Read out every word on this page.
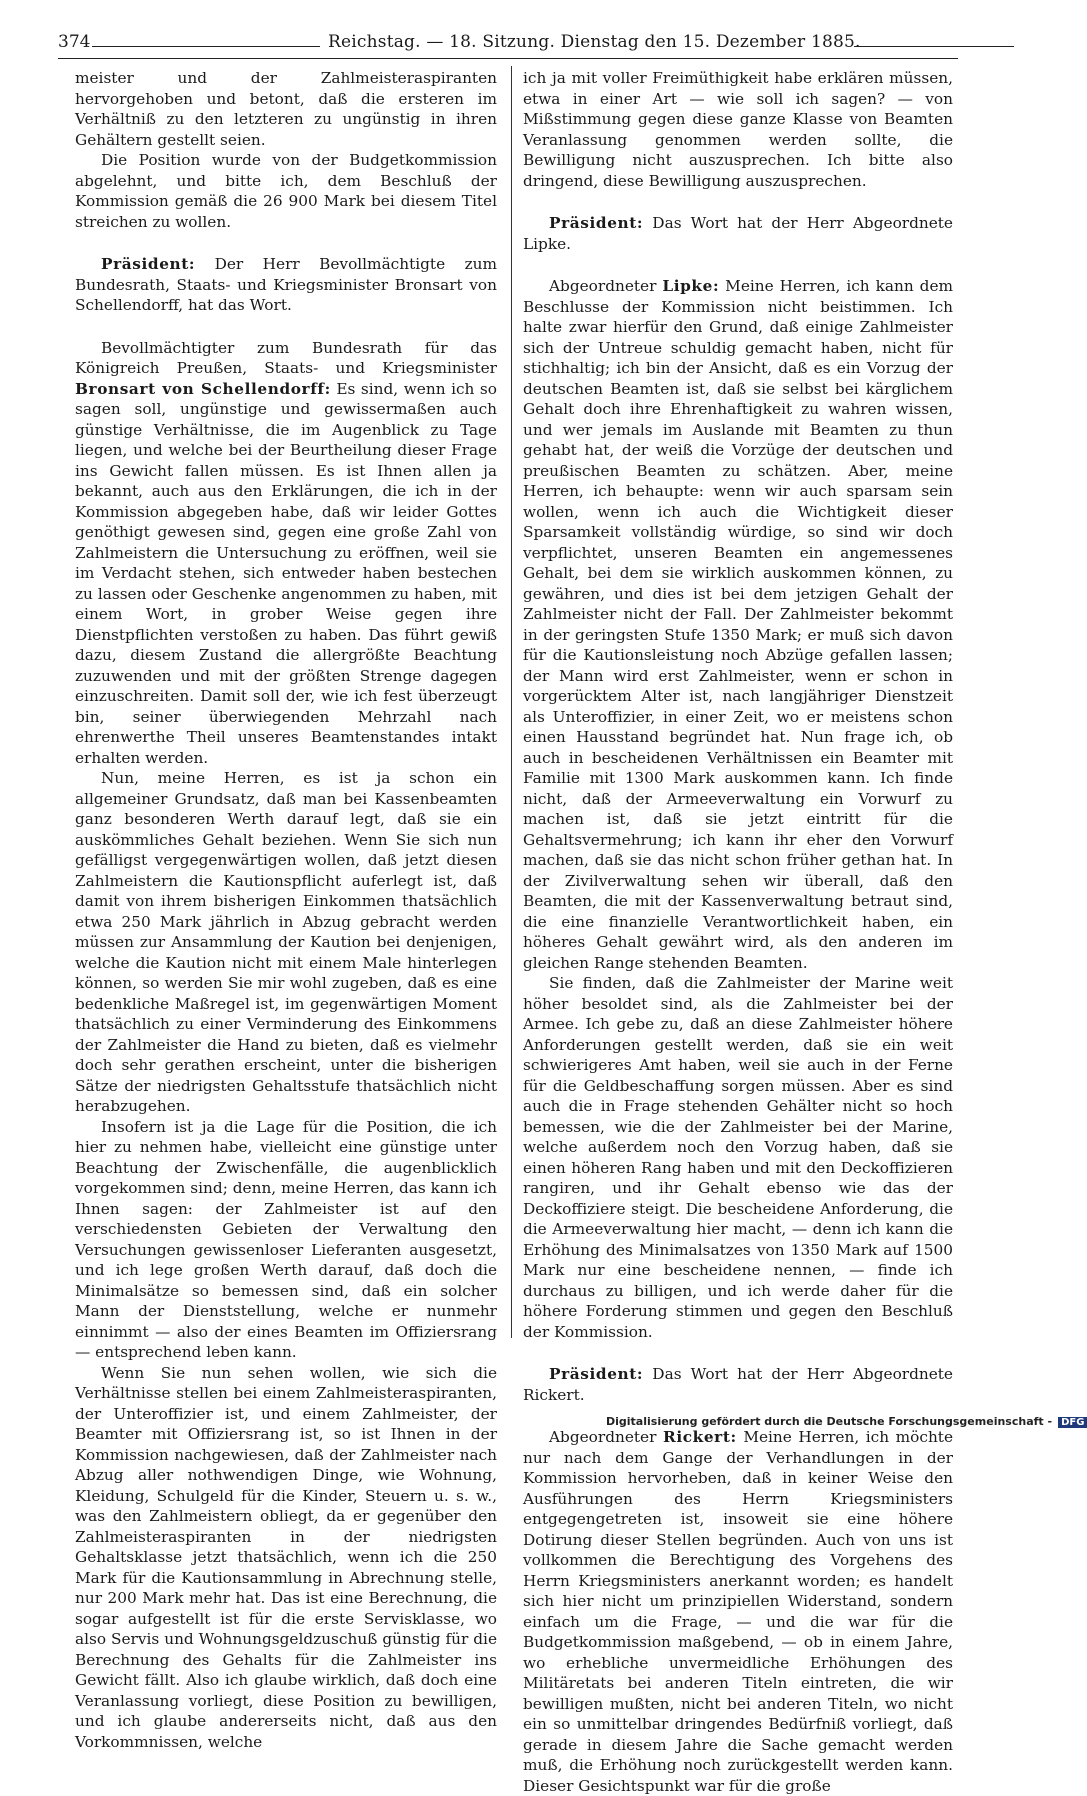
374	Reichstag. — 18. Sitzung. Dienstag den 15. Dezember 1885.

meister und der Zahlmeisteraspiranten hervorgehoben und betont, daß die ersteren im Verhältniß zu den letzteren zu ungünstig in ihren Gehältern gestellt seien.

Die Position wurde von der Budgetkommission abgelehnt, und bitte ich, dem Beschluß der Kommission gemäß die 26 900 Mark bei diesem Titel streichen zu wollen.

Präsident: Der Herr Bevollmächtigte zum Bundesrath, Staats- und Kriegsminister Bronsart von Schellendorff, hat das Wort.

Bevollmächtigter zum Bundesrath für das Königreich Preußen, Staats- und Kriegsminister Bronsart von Schellendorff: Es sind, wenn ich so sagen soll, ungünstige und gewissermaßen auch günstige Verhältnisse, die im Augenblick zu Tage liegen, und welche bei der Beurtheilung dieser Frage ins Gewicht fallen müssen. Es ist Ihnen allen ja bekannt, auch aus den Erklärungen, die ich in der Kommission abgegeben habe, daß wir leider Gottes genöthigt gewesen sind, gegen eine große Zahl von Zahlmeistern die Untersuchung zu eröffnen, weil sie im Verdacht stehen, sich entweder haben bestechen zu lassen oder Geschenke angenommen zu haben, mit einem Wort, in grober Weise gegen ihre Dienstpflichten verstoßen zu haben. Das führt gewiß dazu, diesem Zustand die allergrößte Beachtung zuzuwenden und mit der größten Strenge dagegen einzuschreiten. Damit soll der, wie ich fest überzeugt bin, seiner überwiegenden Mehrzahl nach ehrenwerthe Theil unseres Beamtenstandes intakt erhalten werden.

Nun, meine Herren, es ist ja schon ein allgemeiner Grundsatz, daß man bei Kassenbeamten ganz besonderen Werth darauf legt, daß sie ein auskömmliches Gehalt beziehen. Wenn Sie sich nun gefälligst vergegenwärtigen wollen, daß jetzt diesen Zahlmeistern die Kautionspflicht auferlegt ist, daß damit von ihrem bisherigen Einkommen thatsächlich etwa 250 Mark jährlich in Abzug gebracht werden müssen zur Ansammlung der Kaution bei denjenigen, welche die Kaution nicht mit einem Male hinterlegen können, so werden Sie mir wohl zugeben, daß es eine bedenkliche Maßregel ist, im gegenwärtigen Moment thatsächlich zu einer Verminderung des Einkommens der Zahlmeister die Hand zu bieten, daß es vielmehr doch sehr gerathen erscheint, unter die bisherigen Sätze der niedrigsten Gehaltsstufe thatsächlich nicht herabzugehen.

Insofern ist ja die Lage für die Position, die ich hier zu nehmen habe, vielleicht eine günstige unter Beachtung der Zwischenfälle, die augenblicklich vorgekommen sind; denn, meine Herren, das kann ich Ihnen sagen: der Zahlmeister ist auf den verschiedensten Gebieten der Verwaltung den Versuchungen gewissenloser Lieferanten ausgesetzt, und ich lege großen Werth darauf, daß doch die Minimalsätze so bemessen sind, daß ein solcher Mann der Dienststellung, welche er nunmehr einnimmt — also der eines Beamten im Offiziersrang — entsprechend leben kann.

Wenn Sie nun sehen wollen, wie sich die Verhältnisse stellen bei einem Zahlmeisteraspiranten, der Unteroffizier ist, und einem Zahlmeister, der Beamter mit Offiziersrang ist, so ist Ihnen in der Kommission nachgewiesen, daß der Zahlmeister nach Abzug aller nothwendigen Dinge, wie Wohnung, Kleidung, Schulgeld für die Kinder, Steuern u. s. w., was den Zahlmeistern obliegt, da er gegenüber den Zahlmeisteraspiranten in der niedrigsten Gehaltsklasse jetzt thatsächlich, wenn ich die 250 Mark für die Kautionsammlung in Abrechnung stelle, nur 200 Mark mehr hat. Das ist eine Berechnung, die sogar aufgestellt ist für die erste Servisklasse, wo also Servis und Wohnungsgeldzuschuß günstig für die Berechnung des Gehalts für die Zahlmeister ins Gewicht fällt. Also ich glaube wirklich, daß doch eine Veranlassung vorliegt, diese Position zu bewilligen, und ich glaube andererseits nicht, daß aus den Vorkommnissen, welche

ich ja mit voller Freimüthigkeit habe erklären müssen, etwa in einer Art — wie soll ich sagen? — von Mißstimmung gegen diese ganze Klasse von Beamten Veranlassung genommen werden sollte, die Bewilligung nicht auszusprechen. Ich bitte also dringend, diese Bewilligung auszusprechen.

Präsident: Das Wort hat der Herr Abgeordnete Lipke.

Abgeordneter Lipke: Meine Herren, ich kann dem Beschlusse der Kommission nicht beistimmen. Ich halte zwar hierfür den Grund, daß einige Zahlmeister sich der Untreue schuldig gemacht haben, nicht für stichhaltig; ich bin der Ansicht, daß es ein Vorzug der deutschen Beamten ist, daß sie selbst bei kärglichem Gehalt doch ihre Ehrenhaftigkeit zu wahren wissen, und wer jemals im Auslande mit Beamten zu thun gehabt hat, der weiß die Vorzüge der deutschen und preußischen Beamten zu schätzen. Aber, meine Herren, ich behaupte: wenn wir auch sparsam sein wollen, wenn ich auch die Wichtigkeit dieser Sparsamkeit vollständig würdige, so sind wir doch verpflichtet, unseren Beamten ein angemessenes Gehalt, bei dem sie wirklich auskommen können, zu gewähren, und dies ist bei dem jetzigen Gehalt der Zahlmeister nicht der Fall. Der Zahlmeister bekommt in der geringsten Stufe 1350 Mark; er muß sich davon für die Kautionsleistung noch Abzüge gefallen lassen; der Mann wird erst Zahlmeister, wenn er schon in vorgerücktem Alter ist, nach langjähriger Dienstzeit als Unteroffizier, in einer Zeit, wo er meistens schon einen Hausstand begründet hat. Nun frage ich, ob auch in bescheidenen Verhältnissen ein Beamter mit Familie mit 1300 Mark auskommen kann. Ich finde nicht, daß der Armeeverwaltung ein Vorwurf zu machen ist, daß sie jetzt eintritt für die Gehaltsvermehrung; ich kann ihr eher den Vorwurf machen, daß sie das nicht schon früher gethan hat. In der Zivilverwaltung sehen wir überall, daß den Beamten, die mit der Kassenverwaltung betraut sind, die eine finanzielle Verantwortlichkeit haben, ein höheres Gehalt gewährt wird, als den anderen im gleichen Range stehenden Beamten.

Sie finden, daß die Zahlmeister der Marine weit höher besoldet sind, als die Zahlmeister bei der Armee. Ich gebe zu, daß an diese Zahlmeister höhere Anforderungen gestellt werden, daß sie ein weit schwierigeres Amt haben, weil sie auch in der Ferne für die Geldbeschaffung sorgen müssen. Aber es sind auch die in Frage stehenden Gehälter nicht so hoch bemessen, wie die der Zahlmeister bei der Marine, welche außerdem noch den Vorzug haben, daß sie einen höheren Rang haben und mit den Deckoffizieren rangiren, und ihr Gehalt ebenso wie das der Deckoffiziere steigt. Die bescheidene Anforderung, die die Armeeverwaltung hier macht, — denn ich kann die Erhöhung des Minimalsatzes von 1350 Mark auf 1500 Mark nur eine bescheidene nennen, — finde ich durchaus zu billigen, und ich werde daher für die höhere Forderung stimmen und gegen den Beschluß der Kommission.

Präsident: Das Wort hat der Herr Abgeordnete Rickert.

Abgeordneter Rickert: Meine Herren, ich möchte nur nach dem Gange der Verhandlungen in der Kommission hervorheben, daß in keiner Weise den Ausführungen des Herrn Kriegsministers entgegengetreten ist, insoweit sie eine höhere Dotirung dieser Stellen begründen. Auch von uns ist vollkommen die Berechtigung des Vorgehens des Herrn Kriegsministers anerkannt worden; es handelt sich hier nicht um prinzipiellen Widerstand, sondern einfach um die Frage, — und die war für die Budgetkommission maßgebend, — ob in einem Jahre, wo erhebliche unvermeidliche Erhöhungen des Militäretats bei anderen Titeln eintreten, die wir bewilligen mußten, nicht bei anderen Titeln, wo nicht ein so unmittelbar dringendes Bedürfniß vorliegt, daß gerade in diesem Jahre die Sache gemacht werden muß, die Erhöhung noch zurückgestellt werden kann. Dieser Gesichtspunkt war für die große

Digitalisierung gefördert durch die Deutsche Forschungsgemeinschaft - DFG
